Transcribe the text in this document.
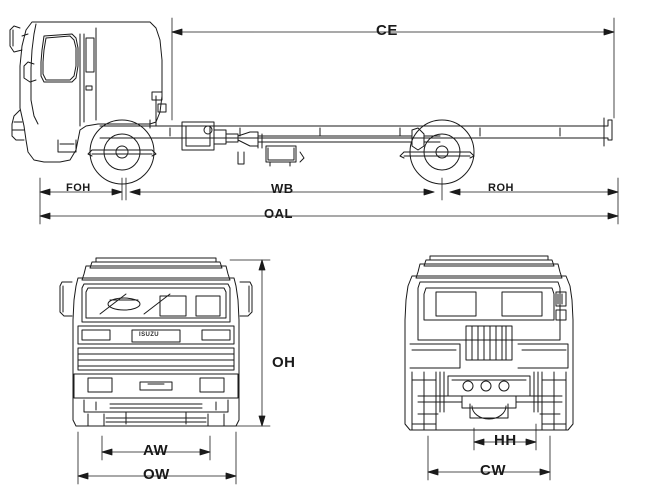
CE
FOH	WB	ROH
OAL
OH
AW
OW
HH
CW
ISUZU
